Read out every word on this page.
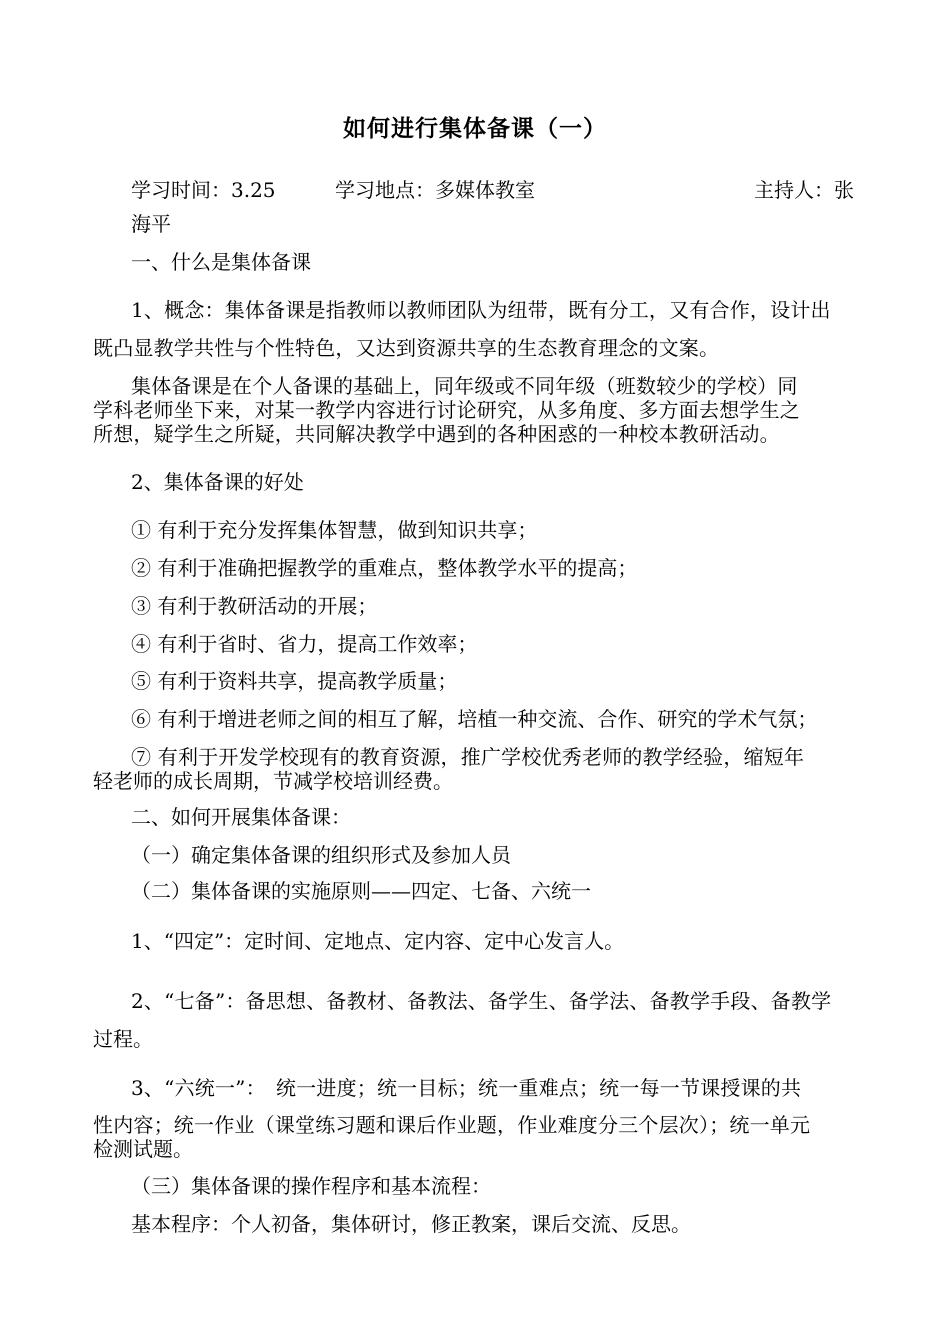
如何进行集体备课（一）
学习时间：3.25	学习地点：多媒体教室	主持人：张
海平
一、什么是集体备课
1、概念：集体备课是指教师以教师团队为纽带，既有分工，又有合作，设计出
既凸显教学共性与个性特色，又达到资源共享的生态教育理念的文案。
集体备课是在个人备课的基础上，同年级或不同年级（班数较少的学校）同
学科老师坐下来，对某一教学内容进行讨论研究，从多角度、多方面去想学生之
所想，疑学生之所疑，共同解决教学中遇到的各种困惑的一种校本教研活动。
2、集体备课的好处
① 有利于充分发挥集体智慧，做到知识共享；
② 有利于准确把握教学的重难点，整体教学水平的提高；
③ 有利于教研活动的开展；
④ 有利于省时、省力，提高工作效率；
⑤ 有利于资料共享，提高教学质量；
⑥ 有利于增进老师之间的相互了解，培植一种交流、合作、研究的学术气氛；
⑦ 有利于开发学校现有的教育资源，推广学校优秀老师的教学经验，缩短年
轻老师的成长周期，节减学校培训经费。
二、如何开展集体备课：
（一）确定集体备课的组织形式及参加人员
（二）集体备课的实施原则——四定、七备、六统一
1、“四定”：定时间、定地点、定内容、定中心发言人。
2、“七备”：备思想、备教材、备教法、备学生、备学法、备教学手段、备教学
过程。
3、“六统一”：　统一进度；统一目标；统一重难点；统一每一节课授课的共
性内容；统一作业（课堂练习题和课后作业题，作业难度分三个层次）；统一单元
检测试题。
（三）集体备课的操作程序和基本流程：
基本程序：个人初备，集体研讨，修正教案，课后交流、反思。
